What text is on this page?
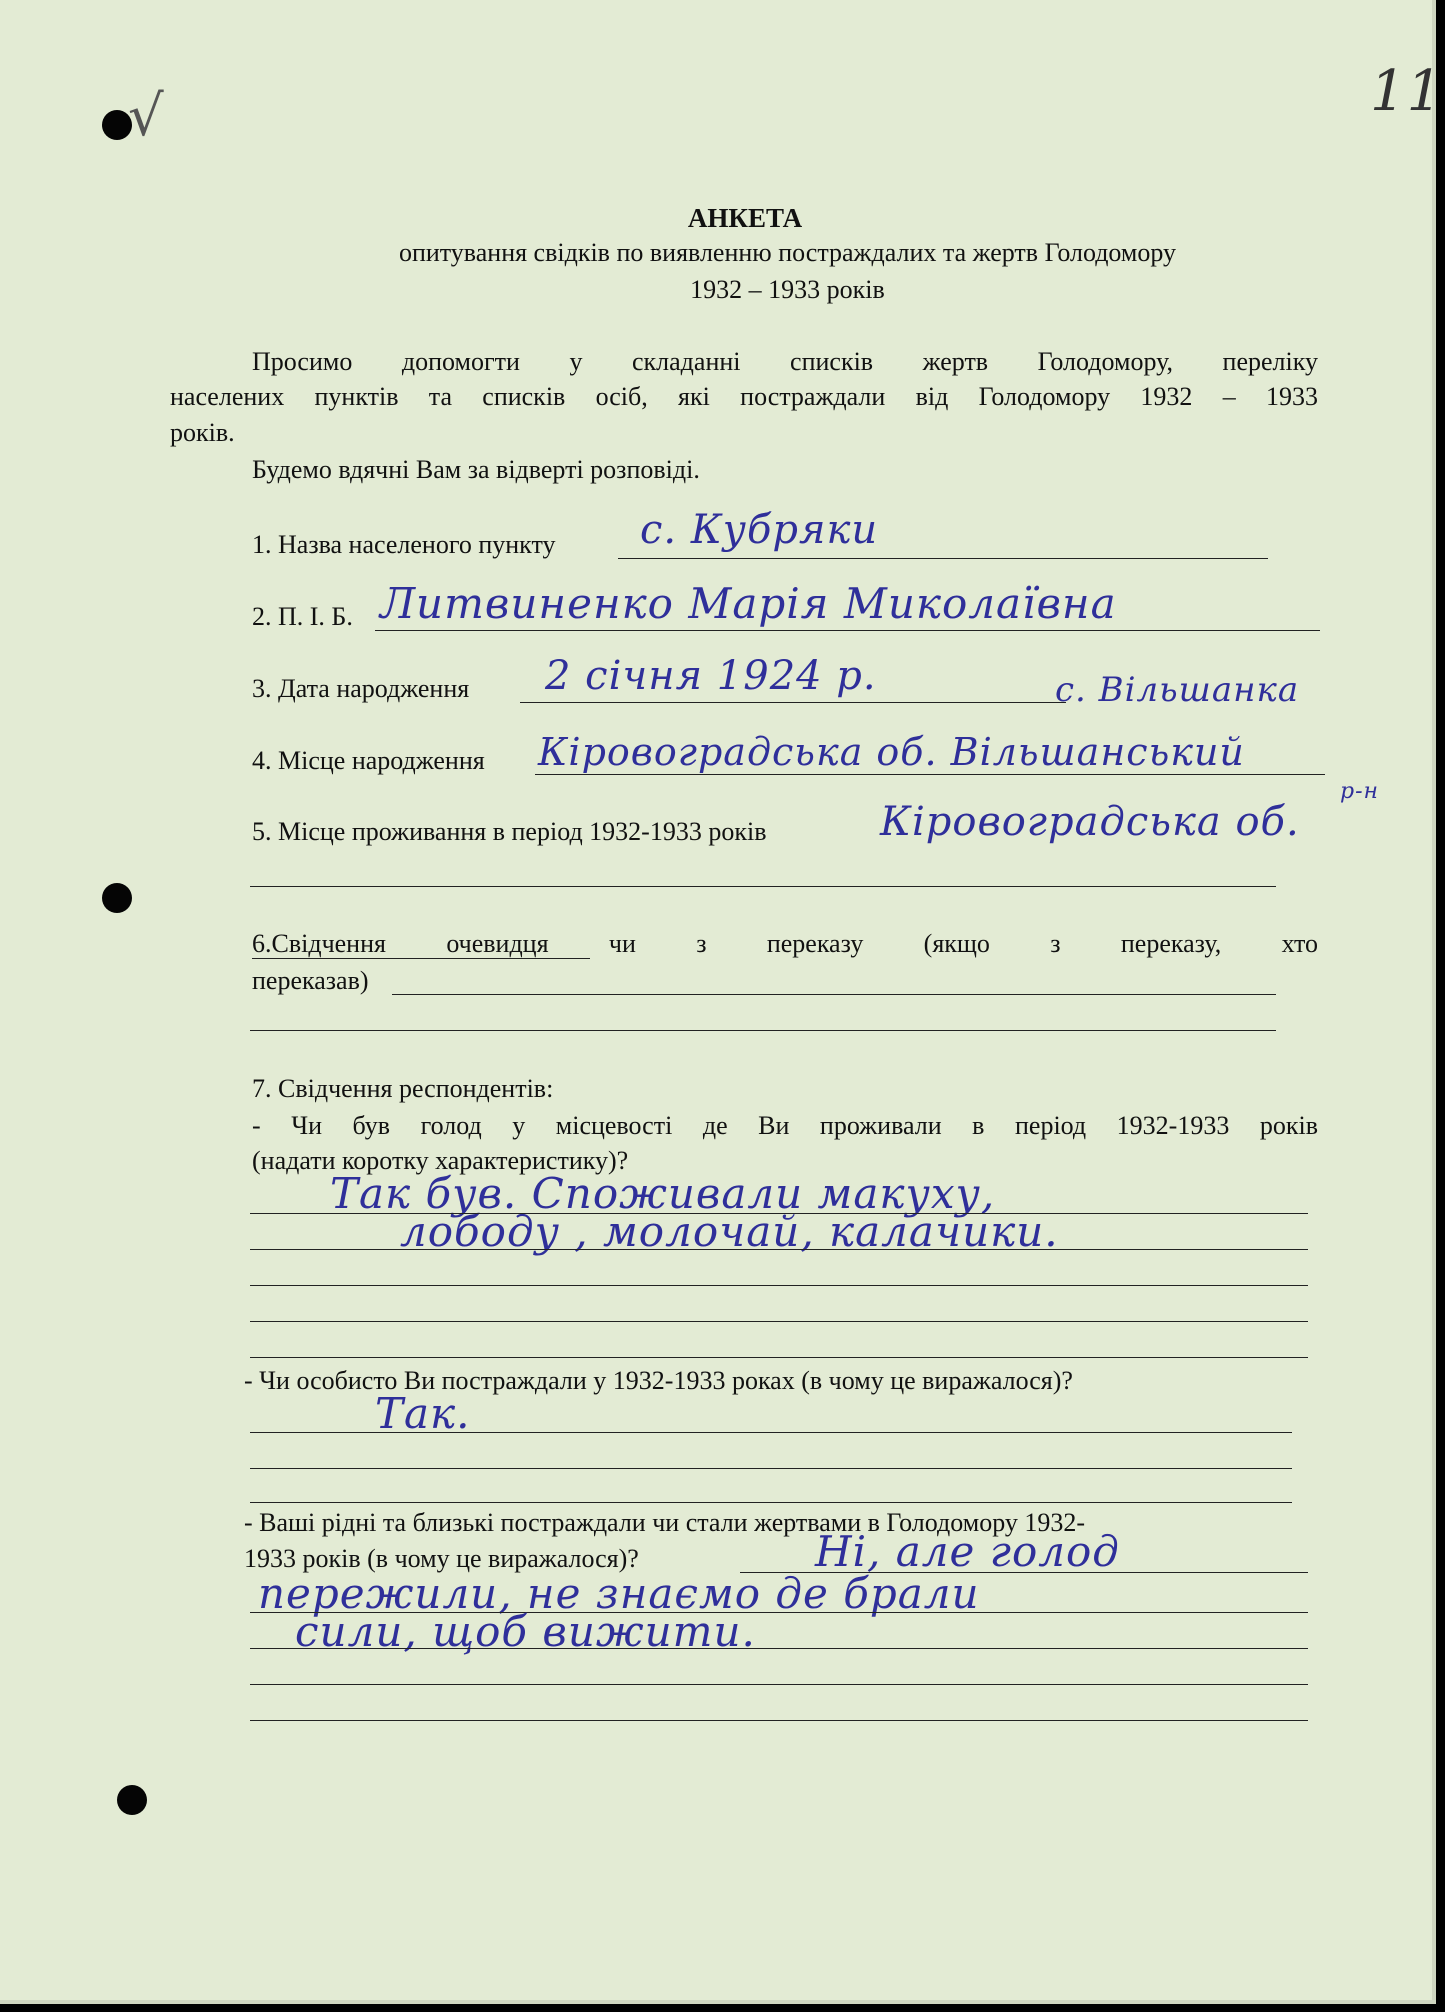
√	11
АНКЕТА
опитування свідків по виявленню постраждалих та жертв Голодомору
1932 – 1933 років
Просимо допомогти у складанні списків жертв Голодомору, переліку
населених пунктів та списків осіб, які постраждали від Голодомору 1932 – 1933
років.
Будемо вдячні Вам за відверті розповіді.
1. Назва населеного пункту с. Кубряки
2. П. І. Б. Литвиненко Марія Миколаївна
3. Дата народження 2 січня 1924 р.	с. Вільшанка
4. Місце народження Кіровоградська об. Вільшанський
р-н
5. Місце проживання в період 1932-1933 років	Кіровоградська об.
6.Свідчення очевидця чи з переказу (якщо з переказу, хто
переказав)
7. Свідчення респондентів:
- Чи був голод у місцевості де Ви проживали в період 1932-1933 років
(надати коротку характеристику)?
Так був. Споживали макуху,
лободу , молочай, калачики.
- Чи особисто Ви постраждали у 1932-1933 роках (в чому це виражалося)?
Так.
- Ваші рідні та близькі постраждали чи стали жертвами в Голодомору 1932-
1933 років (в чому це виражалося)?	Ні, але голод
пережили, не знаємо де брали
сили, щоб вижити.
